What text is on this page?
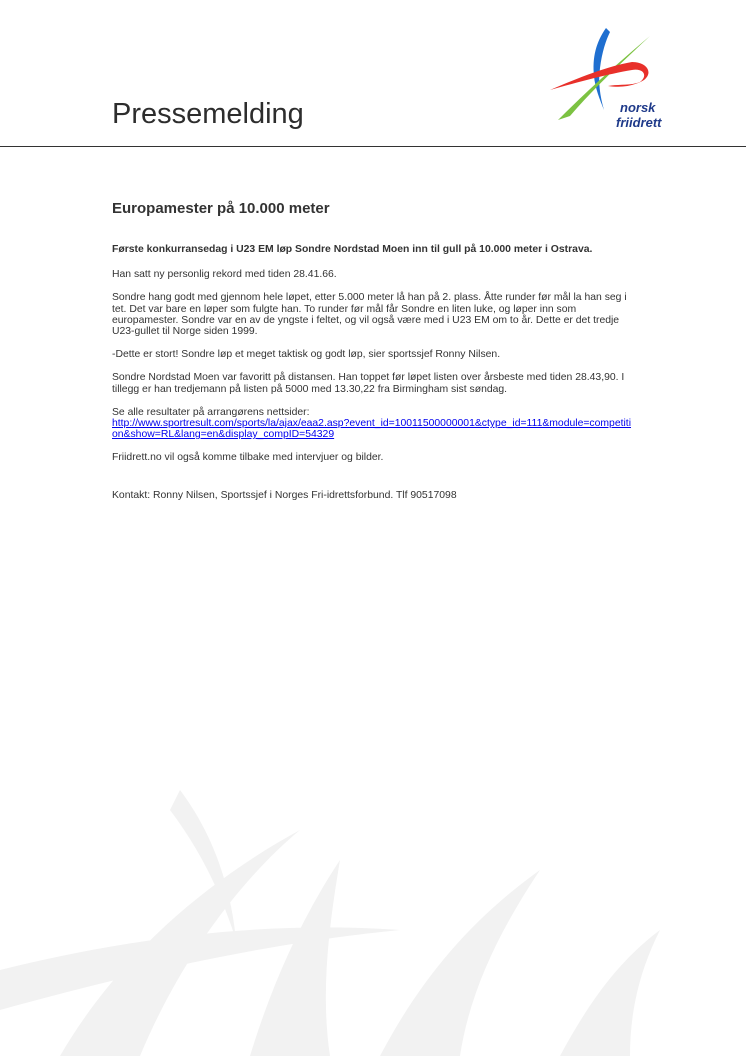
Pressemelding	norsk
friidrett
Europamester på 10.000 meter

Første konkurransedag i U23 EM løp Sondre Nordstad Moen inn til gull på 10.000 meter i Ostrava.

Han satt ny personlig rekord med tiden 28.41.66.

Sondre hang godt med gjennom hele løpet, etter 5.000 meter lå han på 2. plass. Åtte runder før mål la han seg i tet. Det var bare en løper som fulgte han. To runder før mål får Sondre en liten luke, og løper inn som europamester. Sondre var en av de yngste i feltet, og vil også være med i U23 EM om to år. Dette er det tredje U23-gullet til Norge siden 1999.

-Dette er stort! Sondre løp et meget taktisk og godt løp, sier sportssjef Ronny Nilsen.

Sondre Nordstad Moen var favoritt på distansen. Han toppet før løpet listen over årsbeste med tiden 28.43,90. I tillegg er han tredjemann på listen på 5000 med 13.30,22 fra Birmingham sist søndag.

Se alle resultater på arrangørens nettsider:
http://www.sportresult.com/sports/la/ajax/eaa2.asp?event_id=10011500000001&ctype_id=111&module=competition&show=RL&lang=en&display_compID=54329

Friidrett.no vil også komme tilbake med intervjuer og bilder.

Kontakt: Ronny Nilsen, Sportssjef i Norges Fri-idrettsforbund. Tlf 90517098
